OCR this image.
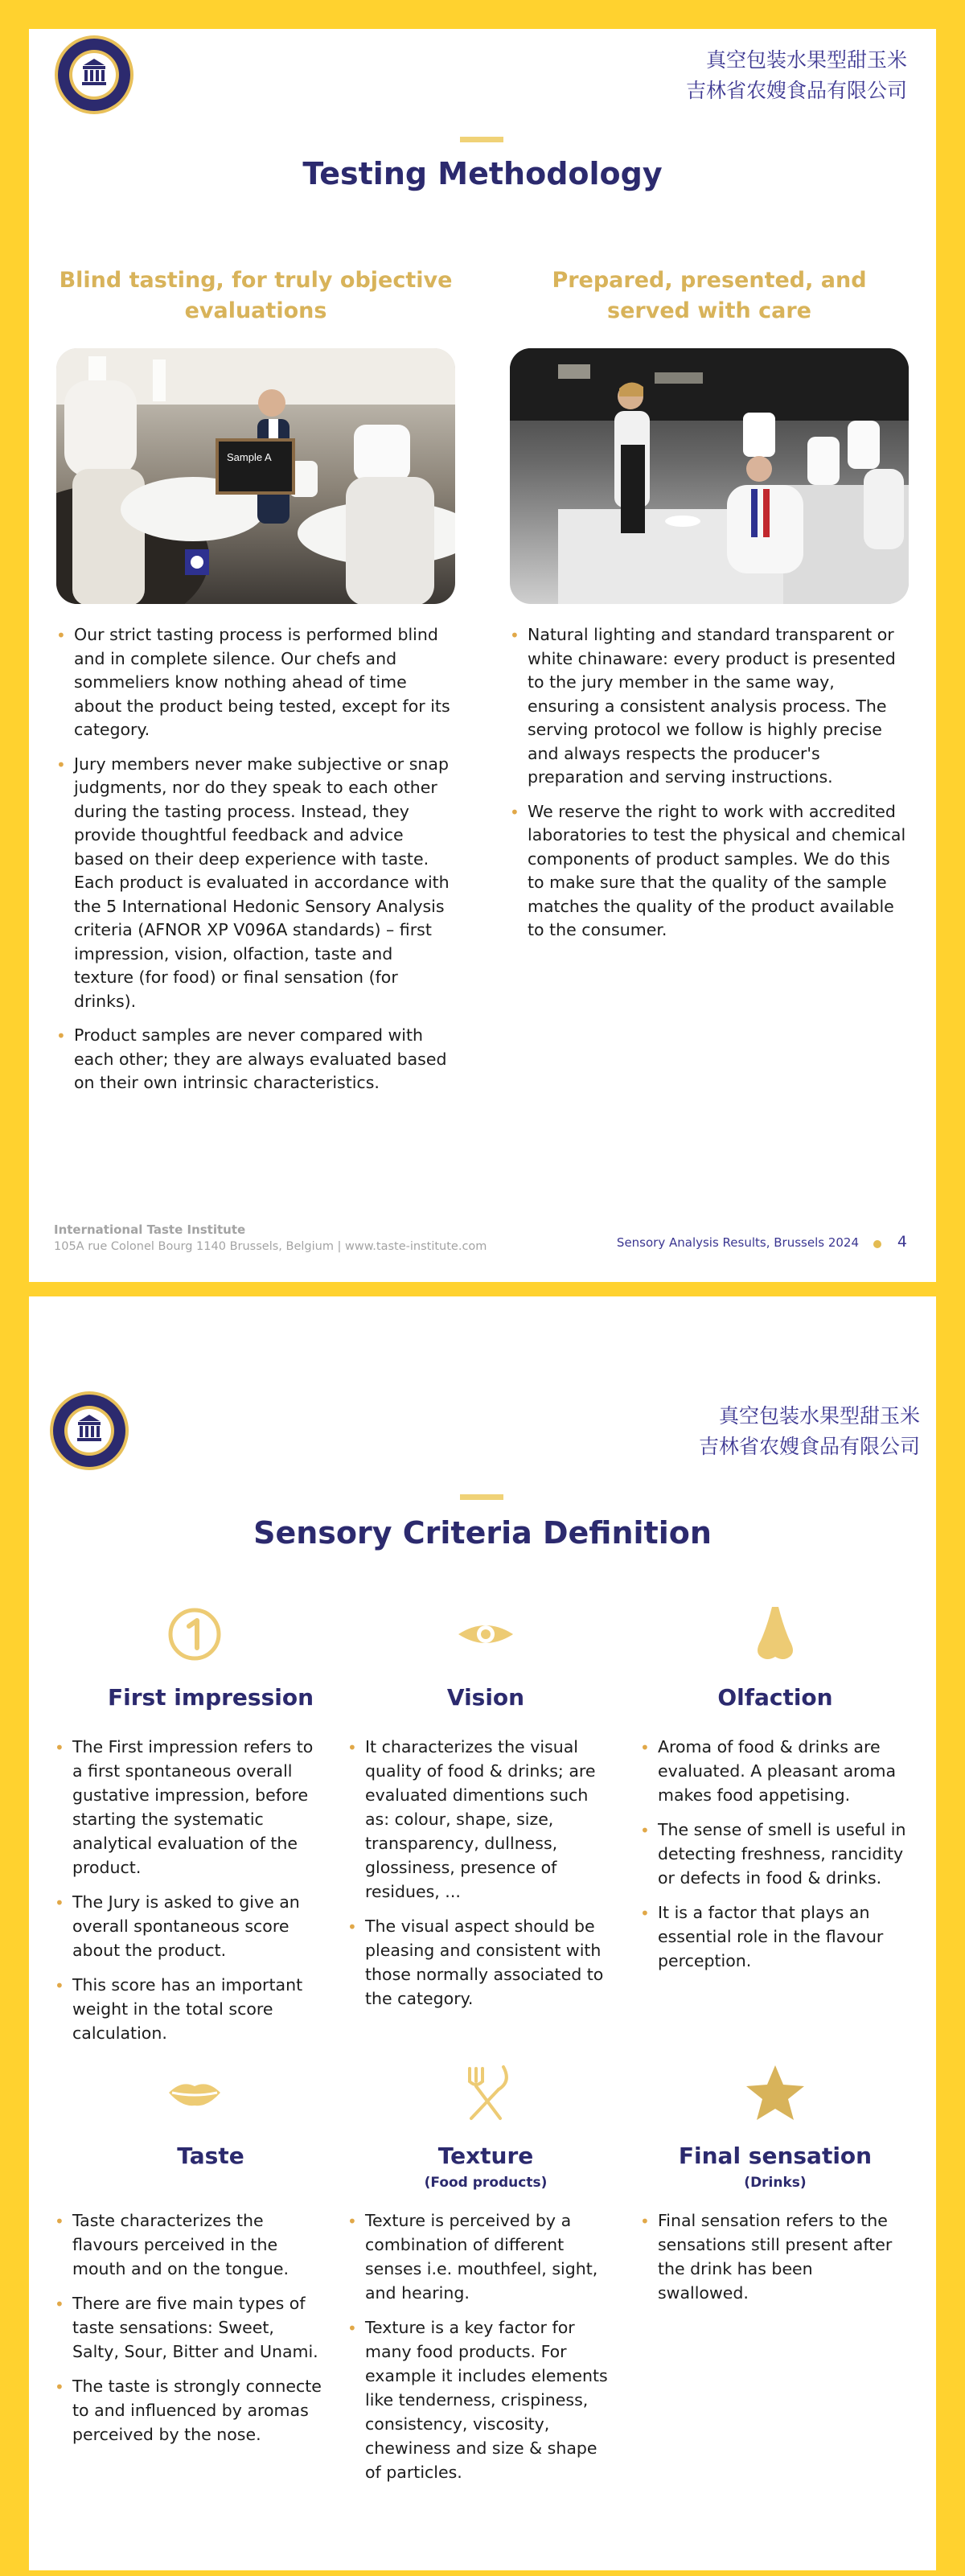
真空包装水果型甜玉米
吉林省农嫂食品有限公司
Testing Methodology
Blind tasting, for truly objective evaluations
Sample A
• Our strict tasting process is performed blind and in complete silence. Our chefs and sommeliers know nothing ahead of time about the product being tested, except for its category.
• Jury members never make subjective or snap judgments, nor do they speak to each other during the tasting process. Instead, they provide thoughtful feedback and advice based on their deep experience with taste. Each product is evaluated in accordance with the 5 International Hedonic Sensory Analysis criteria (AFNOR XP V096A standards) – first impression, vision, olfaction, taste and texture (for food) or final sensation (for drinks).
• Product samples are never compared with each other; they are always evaluated based on their own intrinsic characteristics.
Prepared, presented, and served with care
• Natural lighting and standard transparent or white chinaware: every product is presented to the jury member in the same way, ensuring a consistent analysis process. The serving protocol we follow is highly precise and always respects the producer's preparation and serving instructions.
• We reserve the right to work with accredited laboratories to test the physical and chemical components of product samples. We do this to make sure that the quality of the sample matches the quality of the product available to the consumer.
International Taste Institute
105A rue Colonel Bourg 1140 Brussels, Belgium | www.taste-institute.com	Sensory Analysis Results, Brussels 2024	4
真空包装水果型甜玉米
吉林省农嫂食品有限公司
Sensory Criteria Definition
First impression	Vision	Olfaction
• The First impression refers to a first spontaneous overall gustative impression, before starting the systematic analytical evaluation of the product.
• The Jury is asked to give an overall spontaneous score about the product.
• This score has an important weight in the total score calculation.
• It characterizes the visual quality of food & drinks; are evaluated dimentions such as: colour, shape, size, transparency, dullness, glossiness, presence of residues, ...
• The visual aspect should be pleasing and consistent with those normally associated to the category.
• Aroma of food & drinks are evaluated. A pleasant aroma makes food appetising.
• The sense of smell is useful in detecting freshness, rancidity or defects in food & drinks.
• It is a factor that plays an essential role in the flavour perception.
Taste	Texture
(Food products)
Final sensation
(Drinks)
• Taste characterizes the flavours perceived in the mouth and on the tongue.
• There are five main types of taste sensations: Sweet, Salty, Sour, Bitter and Unami.
• The taste is strongly connecte to and influenced by aromas perceived by the nose.
• Texture is perceived by a combination of different senses i.e. mouthfeel, sight, and hearing.
• Texture is a key factor for many food products. For example it includes elements like tenderness, crispiness, consistency, viscosity, chewiness and size & shape of particles.
• Final sensation refers to the sensations still present after the drink has been swallowed.
